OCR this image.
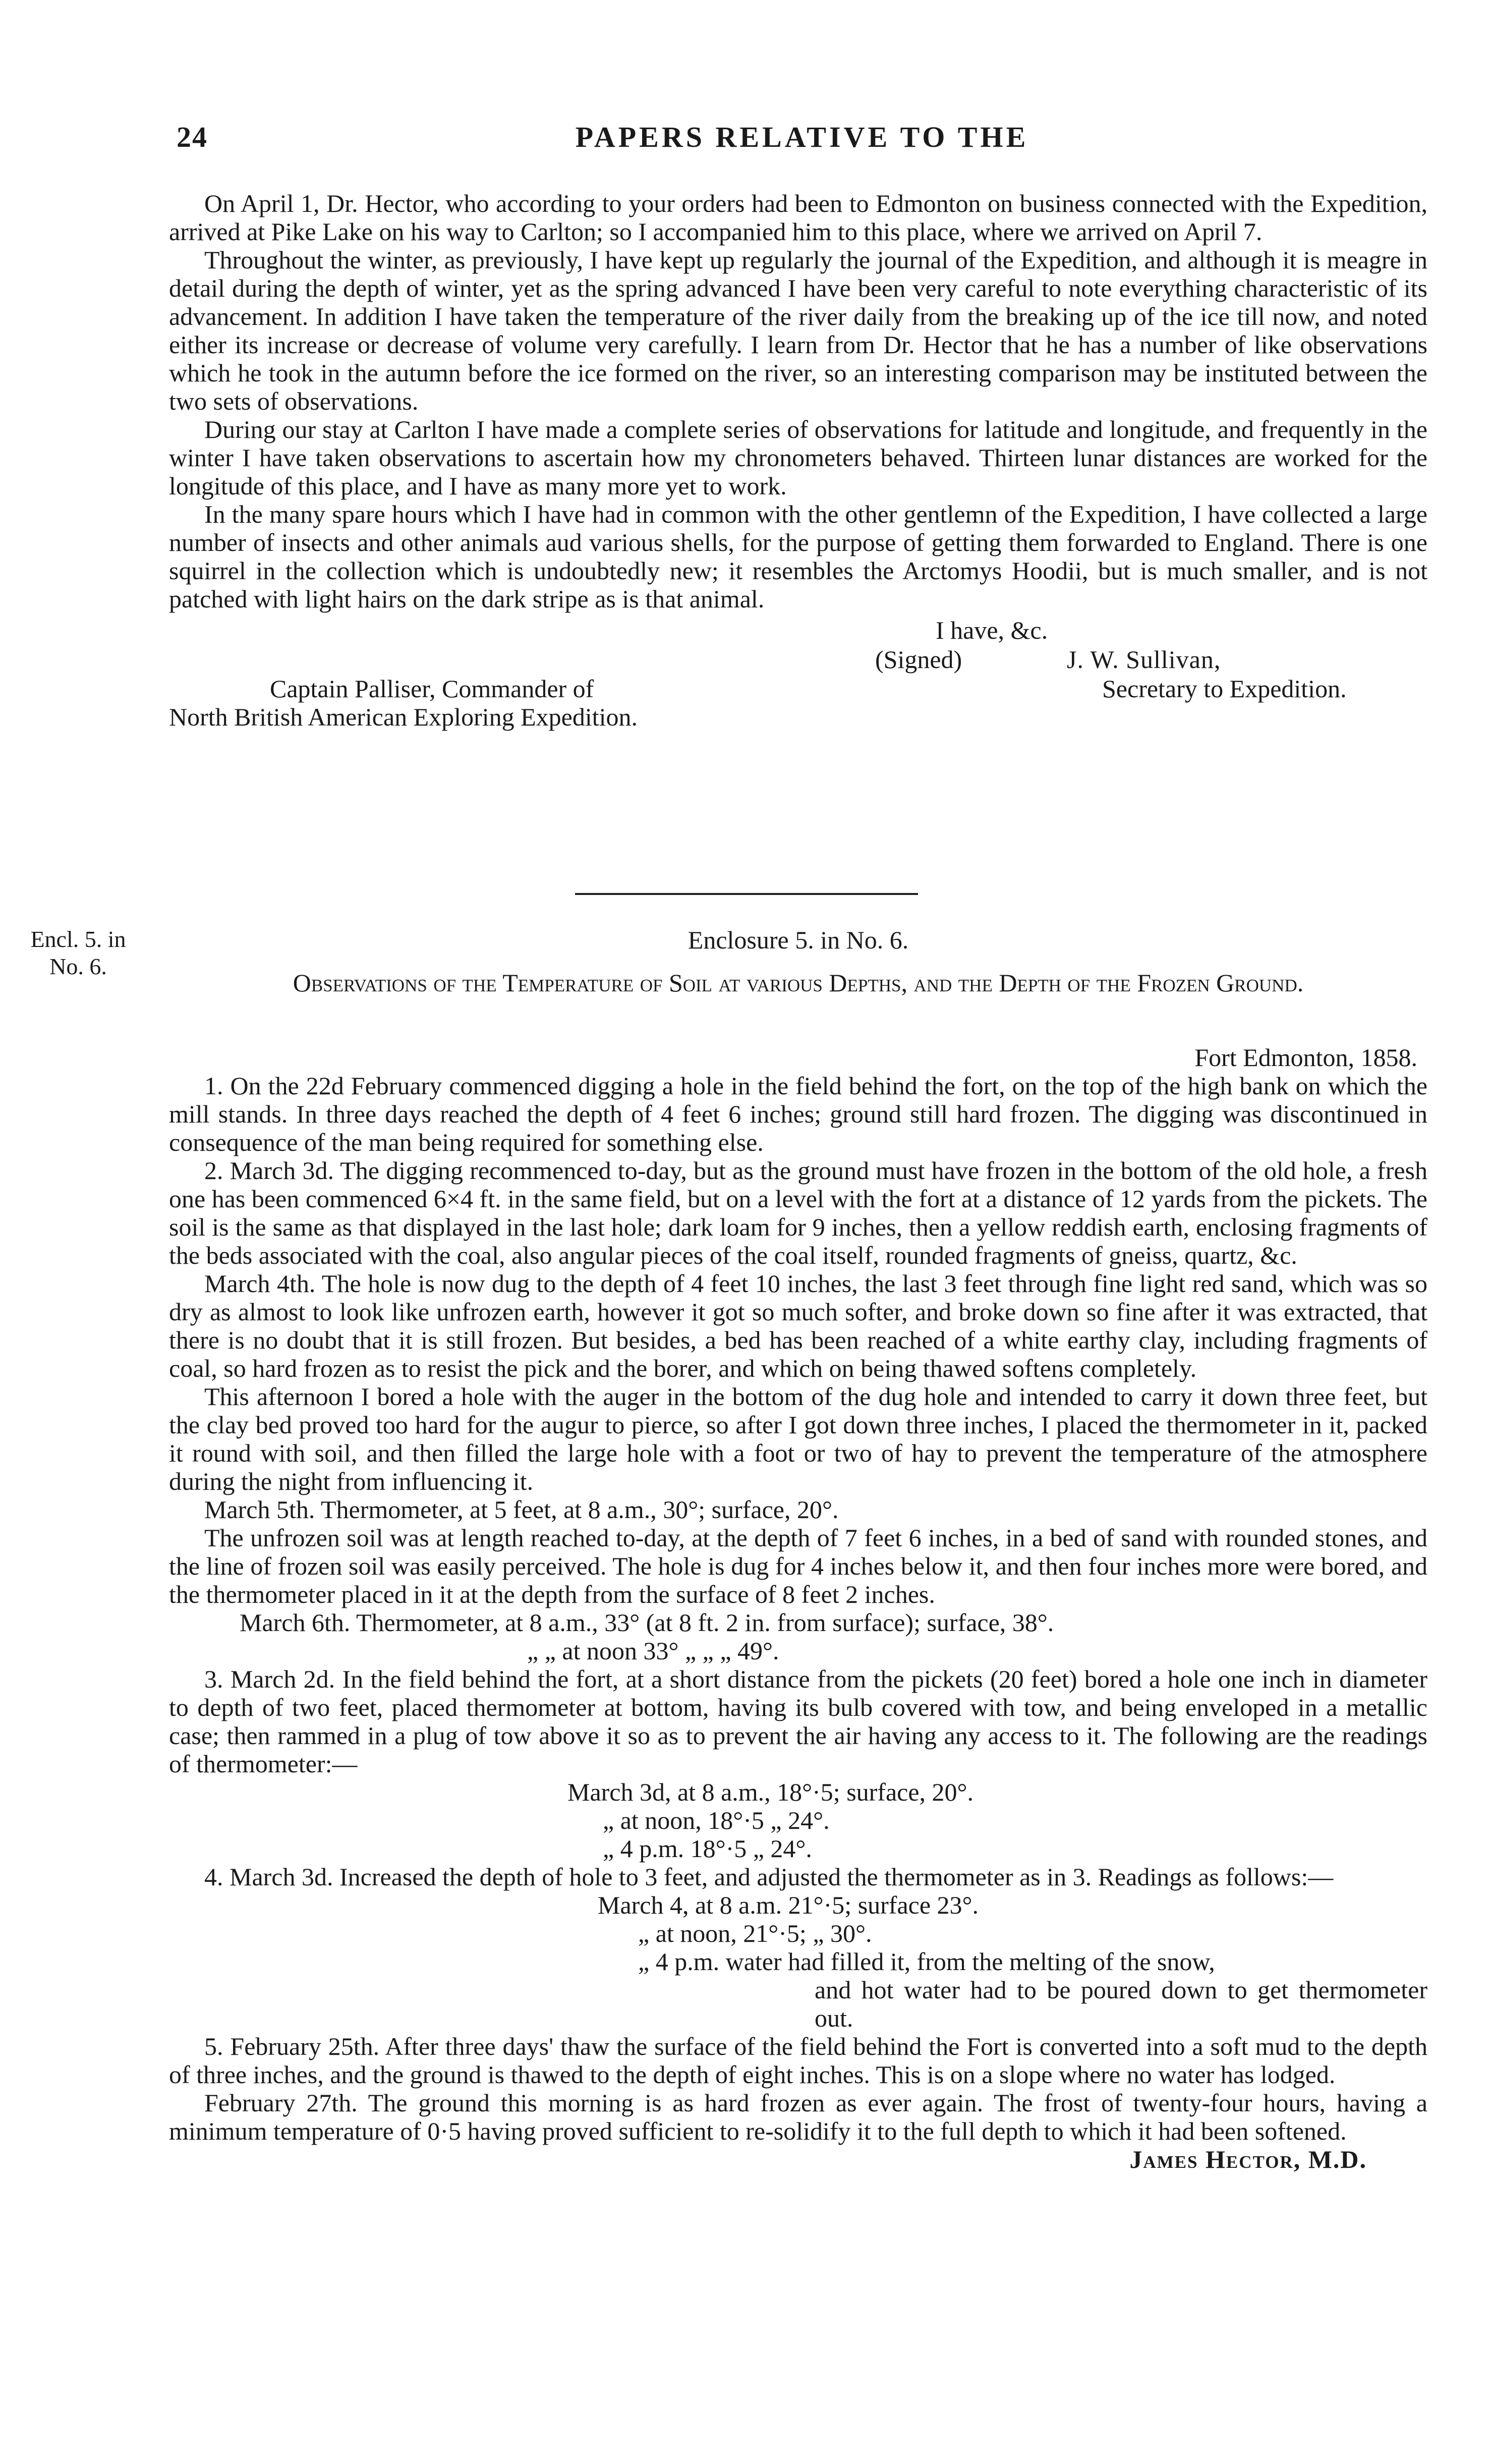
24	PAPERS RELATIVE TO THE

On April 1, Dr. Hector, who according to your orders had been to Edmonton on business connected with the Expedition, arrived at Pike Lake on his way to Carlton; so I accompanied him to this place, where we arrived on April 7.

Throughout the winter, as previously, I have kept up regularly the journal of the Expedition, and although it is meagre in detail during the depth of winter, yet as the spring advanced I have been very careful to note everything characteristic of its advancement. In addition I have taken the temperature of the river daily from the breaking up of the ice till now, and noted either its increase or decrease of volume very carefully. I learn from Dr. Hector that he has a number of like observations which he took in the autumn before the ice formed on the river, so an interesting comparison may be instituted between the two sets of observations.

During our stay at Carlton I have made a complete series of observations for latitude and longitude, and frequently in the winter I have taken observations to ascertain how my chronometers behaved. Thirteen lunar distances are worked for the longitude of this place, and I have as many more yet to work.

In the many spare hours which I have had in common with the other gentlemn of the Expedition, I have collected a large number of insects and other animals aud various shells, for the purpose of getting them forwarded to England. There is one squirrel in the collection which is undoubtedly new; it resembles the Arctomys Hoodii, but is much smaller, and is not patched with light hairs on the dark stripe as is that animal.

I have, &c.
(Signed)	J. W. Sullivan,
Secretary to Expedition.
Captain Palliser, Commander of
North British American Exploring Expedition.
Encl. 5. in
No. 6.
Enclosure 5. in No. 6.
Observations of the Temperature of Soil at various Depths, and the Depth of the Frozen Ground.

Fort Edmonton, 1858.

1. On the 22d February commenced digging a hole in the field behind the fort, on the top of the high bank on which the mill stands. In three days reached the depth of 4 feet 6 inches; ground still hard frozen. The digging was discontinued in consequence of the man being required for something else.

2. March 3d. The digging recommenced to-day, but as the ground must have frozen in the bottom of the old hole, a fresh one has been commenced 6×4 ft. in the same field, but on a level with the fort at a distance of 12 yards from the pickets. The soil is the same as that displayed in the last hole; dark loam for 9 inches, then a yellow reddish earth, enclosing fragments of the beds associated with the coal, also angular pieces of the coal itself, rounded fragments of gneiss, quartz, &c.

March 4th. The hole is now dug to the depth of 4 feet 10 inches, the last 3 feet through fine light red sand, which was so dry as almost to look like unfrozen earth, however it got so much softer, and broke down so fine after it was extracted, that there is no doubt that it is still frozen. But besides, a bed has been reached of a white earthy clay, including fragments of coal, so hard frozen as to resist the pick and the borer, and which on being thawed softens completely.

This afternoon I bored a hole with the auger in the bottom of the dug hole and intended to carry it down three feet, but the clay bed proved too hard for the augur to pierce, so after I got down three inches, I placed the thermometer in it, packed it round with soil, and then filled the large hole with a foot or two of hay to prevent the temperature of the atmosphere during the night from influencing it.

March 5th. Thermometer, at 5 feet, at 8 a.m., 30°; surface, 20°.

The unfrozen soil was at length reached to-day, at the depth of 7 feet 6 inches, in a bed of sand with rounded stones, and the line of frozen soil was easily perceived. The hole is dug for 4 inches below it, and then four inches more were bored, and the thermometer placed in it at the depth from the surface of 8 feet 2 inches.

March 6th. Thermometer, at 8 a.m., 33° (at 8 ft. 2 in. from surface); surface, 38°.

„ „ at noon 33° „ „ „ 49°.

3. March 2d. In the field behind the fort, at a short distance from the pickets (20 feet) bored a hole one inch in diameter to depth of two feet, placed thermometer at bottom, having its bulb covered with tow, and being enveloped in a metallic case; then rammed in a plug of tow above it so as to prevent the air having any access to it. The following are the readings of thermometer:—

March 3d, at 8 a.m., 18°·5; surface, 20°.

„ at noon, 18°·5 „ 24°.

„ 4 p.m. 18°·5 „ 24°.

4. March 3d. Increased the depth of hole to 3 feet, and adjusted the thermometer as in 3. Readings as follows:—

March 4, at 8 a.m. 21°·5; surface 23°.

„ at noon, 21°·5; „ 30°.

„ 4 p.m. water had filled it, from the melting of the snow,

and hot water had to be poured down to get thermometer out.

5. February 25th. After three days' thaw the surface of the field behind the Fort is converted into a soft mud to the depth of three inches, and the ground is thawed to the depth of eight inches. This is on a slope where no water has lodged.

February 27th. The ground this morning is as hard frozen as ever again. The frost of twenty-four hours, having a minimum temperature of 0·5 having proved sufficient to re-solidify it to the full depth to which it had been softened.

James Hector, M.D.
